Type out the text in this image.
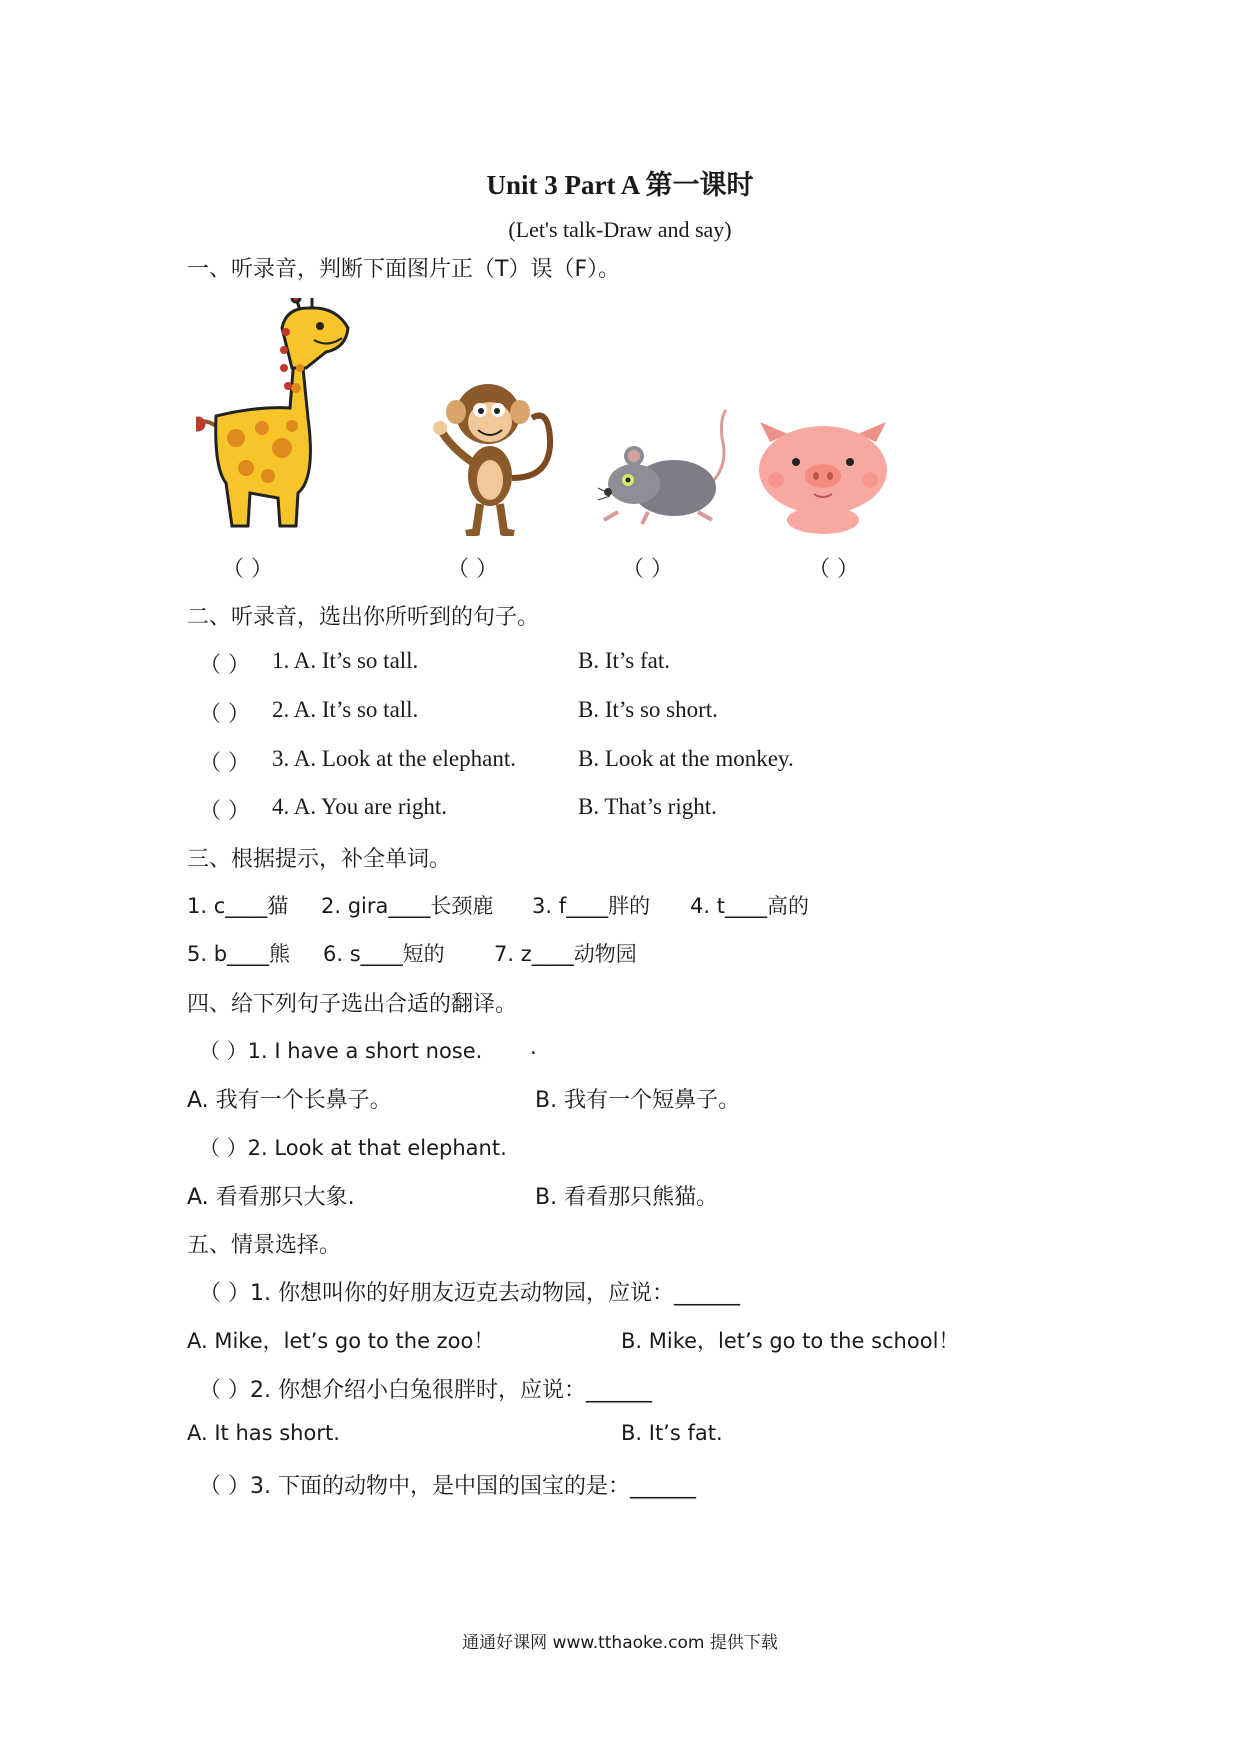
Unit 3 Part A 第一课时
(Let's talk-Draw and say)
一、听录音，判断下面图片正（T）误（F）。
（ ）	（ ）	（ ）	（ ）
二、听录音，选出你所听到的句子。
（ ） 1. A. It’s so tall.	B. It’s fat.
（ ） 2. A. It’s so tall.	B. It’s so short.
（ ） 3. A. Look at the elephant.	B. Look at the monkey.
（ ） 4. A. You are right.	B. That’s right.
三、根据提示，补全单词。
1. c____猫 2. gira____长颈鹿 3. f____胖的 4. t____高的
5. b____熊 6. s____短的 7. z____动物园
四、给下列句子选出合适的翻译。
（ ）1. I have a short nose. .
A. 我有一个长鼻子。	B. 我有一个短鼻子。
（ ）2. Look at that elephant.
A. 看看那只大象.	B. 看看那只熊猫。
五、情景选择。
（ ）1. 你想叫你的好朋友迈克去动物园，应说：______
A. Mike，let’s go to the zoo！	B. Mike，let’s go to the school！
（ ）2. 你想介绍小白兔很胖时，应说：______
A. It has short.	B. It’s fat.
（ ）3. 下面的动物中，是中国的国宝的是：______
通通好课网 www.tthaoke.com 提供下载
